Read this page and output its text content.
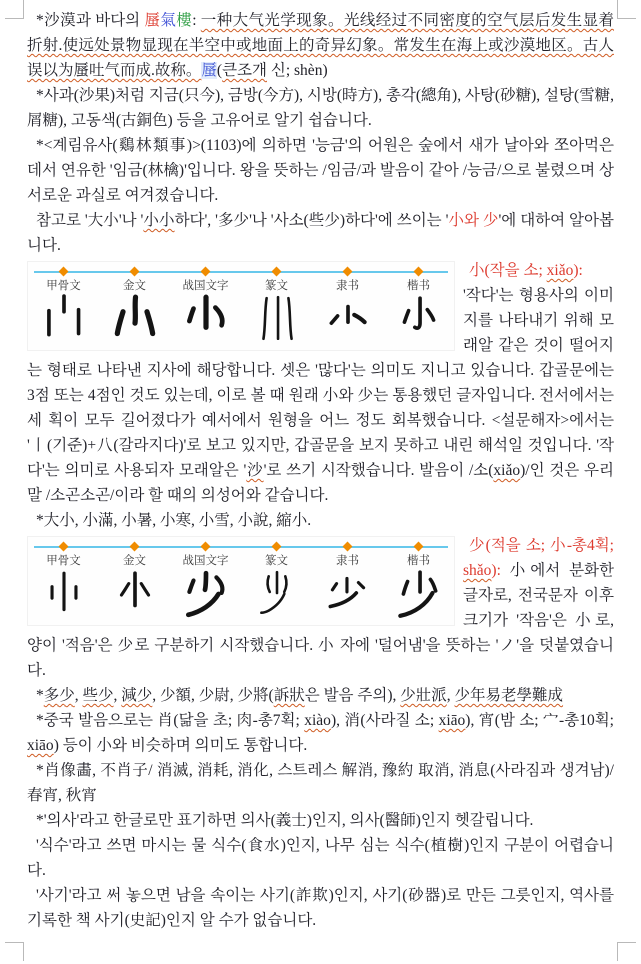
*沙漠과 바다의 蜃氣樓: 一种大气光学现象。光线经过不同密度的空气层后发生显着折射.使远处景物显现在半空中或地面上的奇异幻象。常发生在海上或沙漠地区。古人误以为蜃吐气而成.故称。蜃(큰조개 신; shèn)

*사과(沙果)처럼 지금(只今), 금방(今方), 시방(時方), 총각(總角), 사탕(砂糖), 설탕(雪糖, 屑糖), 고동색(古銅色) 등을 고유어로 알기 쉽습니다.

*<계림유사(鷄林類事)>(1103)에 의하면 '능금'의 어원은 숲에서 새가 날아와 쪼아먹은 데서 연유한 '임금(林檎)'입니다. 왕을 뜻하는 /임금/과 발음이 같아 /능금/으로 불렸으며 상서로운 과실로 여겨졌습니다.

참고로 '大小'나 '小小하다', '多少'나 '사소(些少)하다'에 쓰이는 '小와 少'에 대하여 알아봅니다.

甲骨文	金文	战国文字	篆文	隶书	楷书

小(작을 소; xiǎo):
'작다'는 형용사의 이미지를 나타내기 위해 모래알 같은 것이 떨어지는 형태로 나타낸 지사에 해당합니다. 셋은 '많다'는 의미도 지니고 있습니다. 갑골문에는 3점 또는 4점인 것도 있는데, 이로 볼 때 원래 小와 少는 통용했던 글자입니다. 전서에서는 세 획이 모두 길어졌다가 예서에서 원형을 어느 정도 회복했습니다. <설문해자>에서는 '丨(기준)+八(갈라지다)'로 보고 있지만, 갑골문을 보지 못하고 내린 해석일 것입니다. '작다'는 의미로 사용되자 모래알은 '沙'로 쓰기 시작했습니다. 발음이 /소(xiǎo)/인 것은 우리말 /소곤소곤/이라 할 때의 의성어와 같습니다.

*大小, 小滿, 小暑, 小寒, 小雪, 小說, 縮小.

甲骨文	金文	战国文字	篆文	隶书	楷书

少(적을 소; 小-총4획; shǎo): 小에서 분화한 글자로, 전국문자 이후 크기가 '작음'은 小로, 양이 '적음'은 少로 구분하기 시작했습니다. 小 자에 '덜어냄'을 뜻하는 'ノ'을 덧붙였습니다.

*多少, 些少, 減少, 少額, 少尉, 少將(訴狀은 발음 주의), 少壯派, 少年易老學難成

*중국 발음으로는 肖(닮을 초; 肉-총7획; xiào), 消(사라질 소; xiāo), 宵(밤 소; 宀-총10획; xiāo) 등이 小와 비슷하며 의미도 통합니다.

*肖像畵, 不肖子/ 消滅, 消耗, 消化, 스트레스 解消, 豫約 取消, 消息(사라짐과 생겨남)/ 春宵, 秋宵

*'의사'라고 한글로만 표기하면 의사(義士)인지, 의사(醫師)인지 헷갈립니다.

'식수'라고 쓰면 마시는 물 식수(食水)인지, 나무 심는 식수(植樹)인지 구분이 어렵습니다.

'사기'라고 써 놓으면 남을 속이는 사기(詐欺)인지, 사기(砂器)로 만든 그릇인지, 역사를 기록한 책 사기(史記)인지 알 수가 없습니다.
